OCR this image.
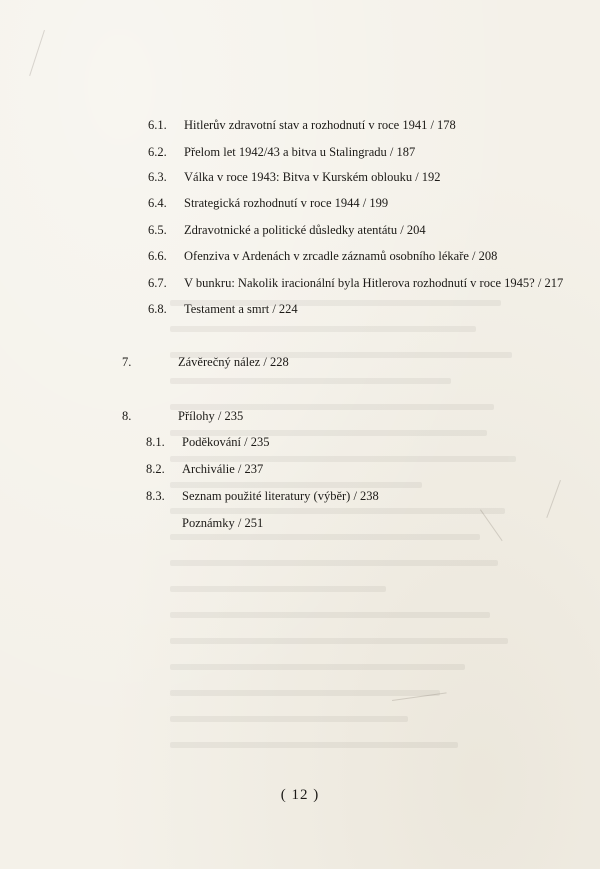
6.1. Hitlerův zdravotní stav a rozhodnutí v roce 1941 / 178
6.2. Přelom let 1942/43 a bitva u Stalingradu / 187
6.3. Válka v roce 1943: Bitva v Kurském oblouku / 192
6.4. Strategická rozhodnutí v roce 1944 / 199
6.5. Zdravotnické a politické důsledky atentátu / 204
6.6. Ofenziva v Ardenách v zrcadle záznamů osobního lékaře / 208
6.7. V bunkru: Nakolik iracionální byla Hitlerova rozhodnutí v roce 1945? / 217
6.8. Testament a smrt / 224
7.	Závěrečný nález / 228
8.	Přílohy / 235
8.1. Poděkování / 235
8.2. Archiválie / 237
8.3. Seznam použité literatury (výběr) / 238
Poznámky / 251
( 12 )
